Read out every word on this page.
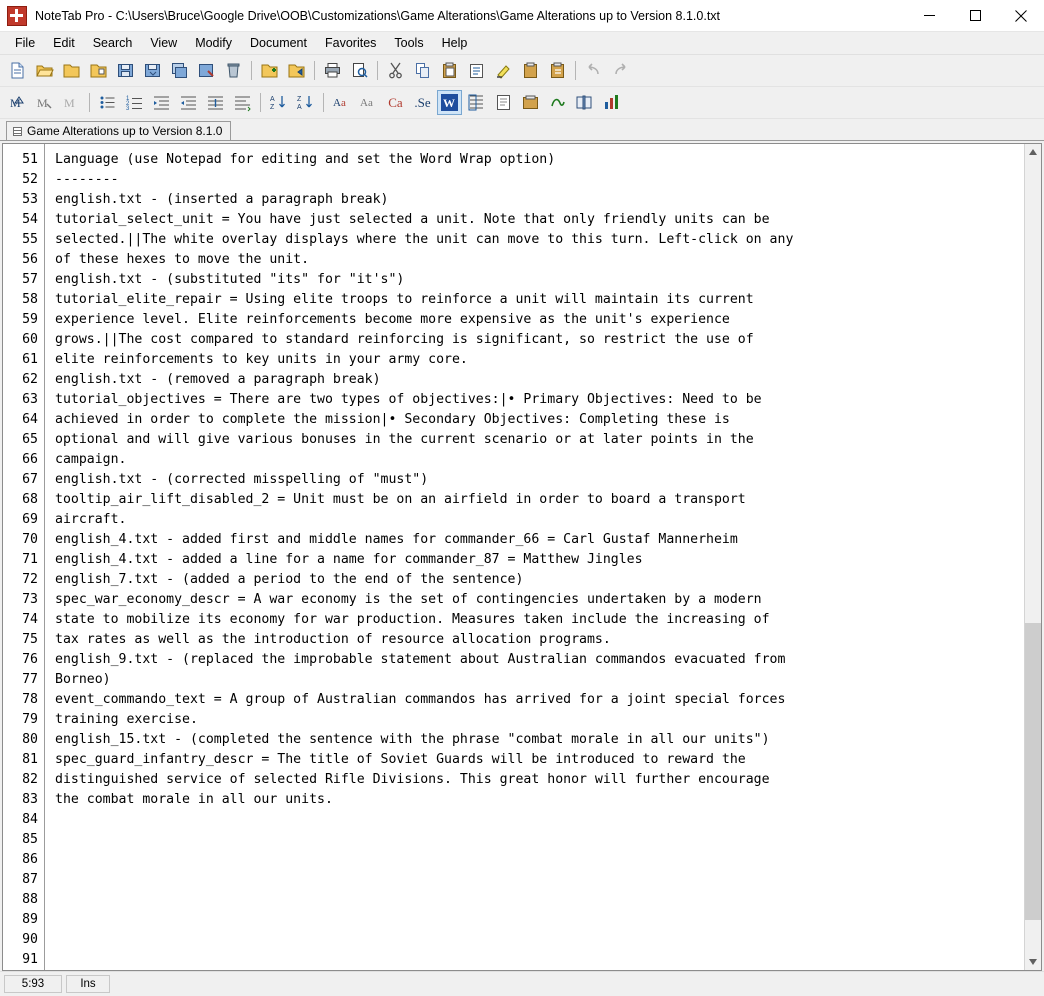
NoteTab Pro - C:\Users\Bruce\Google Drive\OOB\Customizations\Game Alterations\Game Alterations up to Version 8.1.0.txt
File	Edit	Search	View	Modify	Document	Favorites	Tools	Help
M M M	1
2
3
A
Z
Z
A	A a A a Ca .Se W
Game Alterations up to Version 8.1.0
51
52
53
54
55
56
57
58
59
60
61
62
63
64
65
66
67
68
69
70
71
72
73
74
75
76
77
78
79
80
81
82
83
84
85
86
87
88
89
90
91
Language (use Notepad for editing and set the Word Wrap option)
--------
english.txt - (inserted a paragraph break)
tutorial_select_unit = You have just selected a unit. Note that only friendly units can be
selected.||The white overlay displays where the unit can move to this turn. Left-click on any
of these hexes to move the unit.
english.txt - (substituted "its" for "it's")
tutorial_elite_repair = Using elite troops to reinforce a unit will maintain its current
experience level. Elite reinforcements become more expensive as the unit's experience
grows.||The cost compared to standard reinforcing is significant, so restrict the use of
elite reinforcements to key units in your army core.
english.txt - (removed a paragraph break)
tutorial_objectives = There are two types of objectives:|• Primary Objectives: Need to be
achieved in order to complete the mission|• Secondary Objectives: Completing these is
optional and will give various bonuses in the current scenario or at later points in the
campaign.
english.txt - (corrected misspelling of "must")
tooltip_air_lift_disabled_2 = Unit must be on an airfield in order to board a transport
aircraft.
english_4.txt - added first and middle names for commander_66 = Carl Gustaf Mannerheim
english_4.txt - added a line for a name for commander_87 = Matthew Jingles
english_7.txt - (added a period to the end of the sentence)
spec_war_economy_descr = A war economy is the set of contingencies undertaken by a modern
state to mobilize its economy for war production. Measures taken include the increasing of
tax rates as well as the introduction of resource allocation programs.
english_9.txt - (replaced the improbable statement about Australian commandos evacuated from
Borneo)
event_commando_text = A group of Australian commandos has arrived for a joint special forces
training exercise.
english_15.txt - (completed the sentence with the phrase "combat morale in all our units")
spec_guard_infantry_descr = The title of Soviet Guards will be introduced to reward the
distinguished service of selected Rifle Divisions. This great honor will further encourage
the combat morale in all our units.
5:93	Ins
